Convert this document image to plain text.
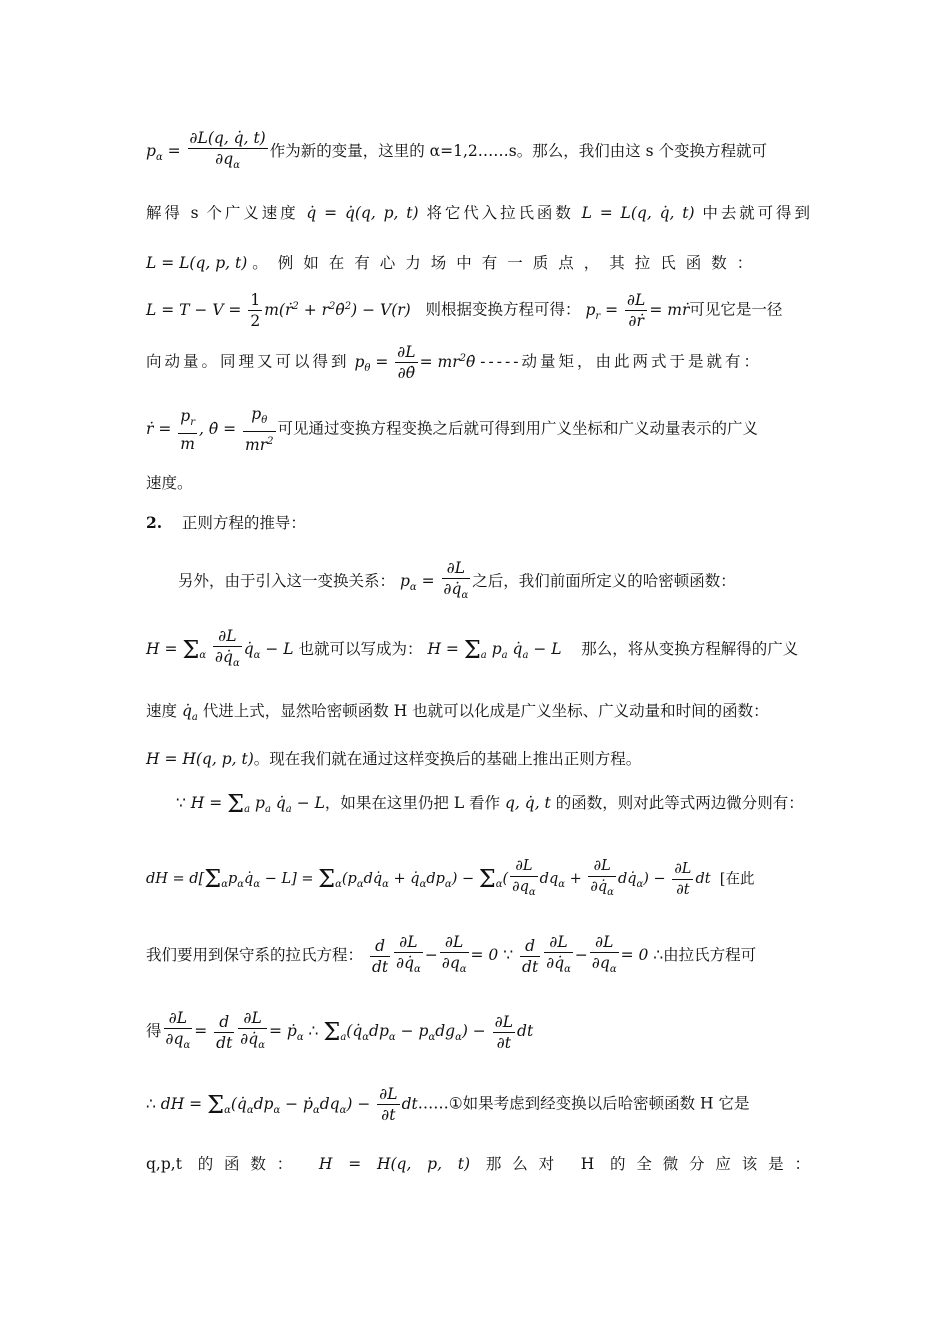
$p_\alpha = \frac{\partial L(q, q̇, t)}{\partial q_\alpha}$ 作为新的变量，这里的 α=1,2……s。那么，我们由这 s 个变换方程就可
解得 s 个广义速度 q̇ = q̇(q, p, t) 将它代入拉氏函数 L = L(q, q̇, t) 中去就可得到
L = L(q, p, t) 。例如在有心力场中有一质点，其拉氏函数：
$L = T - V = \frac{1}{2}$ m(ṙ$^2$ + $r^2\thetȧ^2) - V(r)$ 则根据变换方程可得： $p_r = \frac{\partial L}{\text{∂ṙ}}$ = mṙ可见它是一径
向动量。同理又可以得到 $p_\theta = \frac{\partial L}{\partial\thetȧ}$ = $mr^2\thetȧ$ -----动量矩，由此两式于是就有：
ṙ = $\frac{p_r}{m}$ , θ̇ = $\frac{p_\theta}{mr^2}$ 可见通过变换方程变换之后就可得到用广义坐标和广义动量表示的广义
速度。
2. 正则方程的推导：
另外，由于引入这一变换关系： $p_\alpha = \frac{\partial L}{\partial q̇_\alpha}$ 之后，我们前面所定义的哈密顿函数：
$H = \Sigma_\alpha \frac{\partial L}{\partial q̇_\alpha}$ $q̇_\alpha - L$ 也就可以写成为： $H = \Sigma_a$ $p_a$ $q̇_a - L$ 那么，将从变换方程解得的广义
速度 $q̇_a$ 代进上式，显然哈密顿函数 H 也就可以化成是广义坐标、广义动量和时间的函数：
H = H(q, p, t)。现在我们就在通过这样变换后的基础上推出正则方程。
∵ $H = \Sigma_a$ $p_a$ $q̇_a - L$，如果在这里仍把 L 看作 q, q̇, t 的函数，则对此等式两边微分则有：
dH = $d[\Sigma_\alpha p_\alpha q̇_\alpha - L]$ = $\Sigma_\alpha(p_\alpha dq̇_\alpha$ + $q̇_\alpha dp_\alpha) - \Sigma_\alpha( \frac{\partial L}{\partial q_\alpha} dq_\alpha + \frac{\partial L}{\partial q̇_\alpha}$ $dq̇_\alpha) - \frac{\partial L}{\partial t}$ dt [在此
我们要用到保守系的拉氏方程： $\frac{d}{dt} \frac{\partial L}{\partial q̇_\alpha} - \frac{\partial L}{\partial q_\alpha} = 0$ ∵ $\frac{d}{dt} \frac{\partial L}{\partial q̇_\alpha} - \frac{\partial L}{\partial q_\alpha} = 0$ ∴由拉氏方程可
得 $\frac{\partial L}{\partial q_\alpha} = \frac{d}{dt} \frac{\partial L}{\partial q̇_\alpha}$ = ṗ$_\alpha$ ∴ $\Sigma_a(q̇_\alpha dp_\alpha - p_\alpha dg_\alpha) - \frac{\partial L}{\partial t}$ dt
∴ dH = $\Sigma_\alpha(q̇_\alpha dp_\alpha$ − $ṗ_\alpha dq_\alpha) - \frac{\partial L}{\partial t}$ dt……①如果考虑到经变换以后哈密顿函数 H 它是
q,p,t 的函数： H = H(q, p, t) 那么对 H 的全微分应该是：
